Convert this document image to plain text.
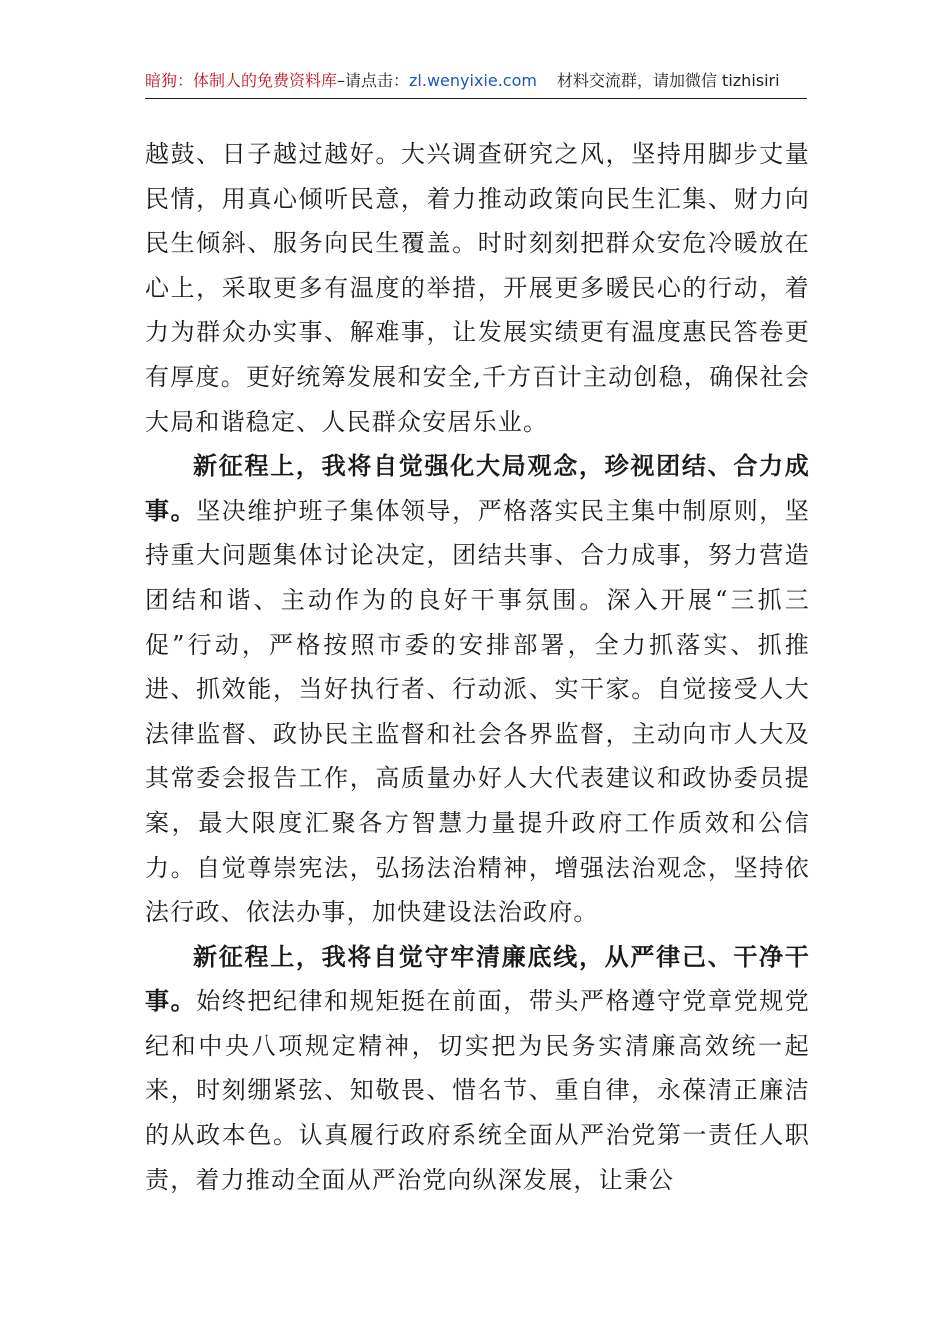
暗狗：体制人的免费资料库–请点击：zl.wenyixie.com 材料交流群，请加微信 tizhisiri

越鼓、日子越过越好。大兴调查研究之风，坚持用脚步丈量民情，用真心倾听民意，着力推动政策向民生汇集、财力向民生倾斜、服务向民生覆盖。时时刻刻把群众安危冷暖放在心上，采取更多有温度的举措，开展更多暖民心的行动，着力为群众办实事、解难事，让发展实绩更有温度惠民答卷更有厚度。更好统筹发展和安全,千方百计主动创稳，确保社会大局和谐稳定、人民群众安居乐业。

新征程上，我将自觉强化大局观念，珍视团结、合力成事。坚决维护班子集体领导，严格落实民主集中制原则，坚持重大问题集体讨论决定，团结共事、合力成事，努力营造团结和谐、主动作为的良好干事氛围。深入开展“三抓三促”行动，严格按照市委的安排部署，全力抓落实、抓推进、抓效能，当好执行者、行动派、实干家。自觉接受人大法律监督、政协民主监督和社会各界监督，主动向市人大及其常委会报告工作，高质量办好人大代表建议和政协委员提案，最大限度汇聚各方智慧力量提升政府工作质效和公信力。自觉尊崇宪法，弘扬法治精神，增强法治观念，坚持依法行政、依法办事，加快建设法治政府。

新征程上，我将自觉守牢清廉底线，从严律己、干净干事。始终把纪律和规矩挺在前面，带头严格遵守党章党规党纪和中央八项规定精神，切实把为民务实清廉高效统一起来，时刻绷紧弦、知敬畏、惜名节、重自律，永葆清正廉洁的从政本色。认真履行政府系统全面从严治党第一责任人职责，着力推动全面从严治党向纵深发展，让秉公
